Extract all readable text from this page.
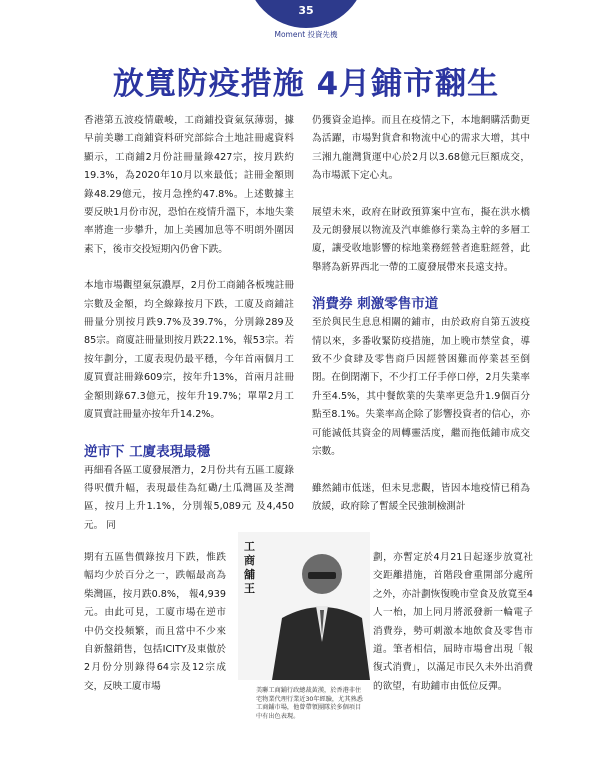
35
Moment 投資先機
放寬防疫措施 4月鋪市翻生

香港第五波疫情嚴峻，工商鋪投資氣氛薄弱，據早前美聯工商鋪資料研究部綜合土地註冊處資料顯示，工商鋪2月份註冊量錄427宗，按月跌約19.3%，為2020年10月以來最低；註冊金額則錄48.29億元，按月急挫約47.8%。上述數據主要反映1月份市況，恐怕在疫情升溫下，本地失業率將進一步攀升，加上美國加息等不明朗外圍因素下，後市交投短期內仍會下跌。

本地市場觀望氣氛濃厚，2月份工商鋪各板塊註冊宗數及金額，均全線錄按月下跌，工廈及商鋪註冊量分別按月跌9.7%及39.7%，分別錄289及85宗。商廈註冊量則按月跌22.1%，報53宗。若按年劃分，工廈表現仍最平穩，今年首兩個月工廈買賣註冊錄609宗，按年升13%，首兩月註冊金額則錄67.3億元，按年升19.7%；單單2月工廈買賣註冊量亦按年升14.2%。

逆市下 工廈表現最穩

再細看各區工廈發展潛力，2月份共有五區工廈錄得呎價升幅，表現最佳為紅磡/土瓜灣區及荃灣區，按月上升1.1%，分別報5,089元 及4,450元。 同

期有五區售價錄按月下跌，惟跌幅均少於百分之一，跌幅最高為柴灣區，按月跌0.8%， 報4,939元。由此可見，工廈市場在逆市中仍交投頻繁，而且當中不少來自新盤銷售，包括ICITY及東傲於2月份分別錄得64宗及12宗成交，反映工廈市場

仍獲資金追捧。而且在疫情之下，本地網購活動更為活躍，市場對貨倉和物流中心的需求大增，其中三湘九龍灣貨運中心於2月以3.68億元巨額成交，為市場派下定心丸。

展望未來，政府在財政預算案中宣布，擬在洪水橋及元朗發展以物流及汽車維修行業為主幹的多層工廈，讓受收地影響的棕地業務經營者進駐經營，此舉將為新界西北一帶的工廈發展帶來長遠支持。

消費券 刺激零售市道

至於與民生息息相關的鋪市，由於政府自第五波疫情以來，多番收緊防疫措施，加上晚市禁堂食，導致不少食肆及零售商戶因經營困難而停業甚至倒閉。在倒閉潮下，不少打工仔手停口停，2月失業率升至4.5%，其中餐飲業的失業率更急升1.9個百分點至8.1%。失業率高企除了影響投資者的信心，亦可能減低其資金的周轉靈活度，繼而拖低鋪市成交宗數。

雖然鋪市低迷，但未見悲觀，皆因本地疫情已稍為放緩，政府除了暫緩全民強制檢測計

劃，亦暫定於4月21日起逐步放寬社交距離措施，首階段會重開部分處所之外，亦計劃恢復晚市堂食及放寬至4人一枱，加上同月將派發新一輪電子消費券，勢可刺激本地飲食及零售市道。筆者相信，屆時市場會出現「報復式消費」，以滿足市民久未外出消費的欲望，有助鋪市由低位反彈。

工商舖 王
美聯工商鋪行政總裁黃漢，於香港非住宅物業代理行業近30年經驗，尤其熟悉工商鋪市場，他曾帶領團隊於多個項目中有出色表現。
